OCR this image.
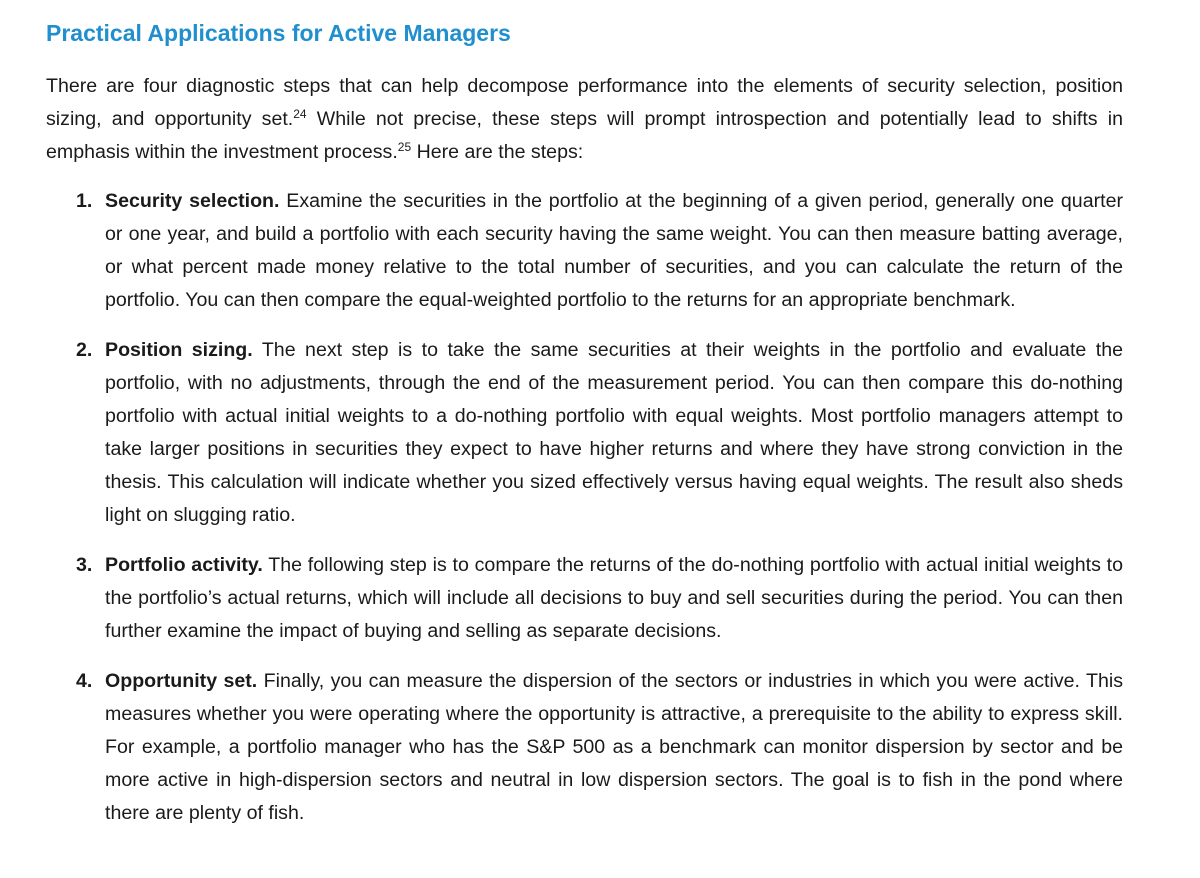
Practical Applications for Active Managers

There are four diagnostic steps that can help decompose performance into the elements of security selection, position sizing, and opportunity set.$^{24}$ While not precise, these steps will prompt introspection and potentially lead to shifts in emphasis within the investment process.$^{25}$ Here are the steps:

1. Security selection. Examine the securities in the portfolio at the beginning of a given period, generally one quarter or one year, and build a portfolio with each security having the same weight. You can then measure batting average, or what percent made money relative to the total number of securities, and you can calculate the return of the portfolio. You can then compare the equal-weighted portfolio to the returns for an appropriate benchmark.

2. Position sizing. The next step is to take the same securities at their weights in the portfolio and evaluate the portfolio, with no adjustments, through the end of the measurement period. You can then compare this do-nothing portfolio with actual initial weights to a do-nothing portfolio with equal weights. Most portfolio managers attempt to take larger positions in securities they expect to have higher returns and where they have strong conviction in the thesis. This calculation will indicate whether you sized effectively versus having equal weights. The result also sheds light on slugging ratio.

3. Portfolio activity. The following step is to compare the returns of the do-nothing portfolio with actual initial weights to the portfolio’s actual returns, which will include all decisions to buy and sell securities during the period. You can then further examine the impact of buying and selling as separate decisions.

4. Opportunity set. Finally, you can measure the dispersion of the sectors or industries in which you were active. This measures whether you were operating where the opportunity is attractive, a prerequisite to the ability to express skill. For example, a portfolio manager who has the S&P 500 as a benchmark can monitor dispersion by sector and be more active in high-dispersion sectors and neutral in low dispersion sectors. The goal is to fish in the pond where there are plenty of fish.
